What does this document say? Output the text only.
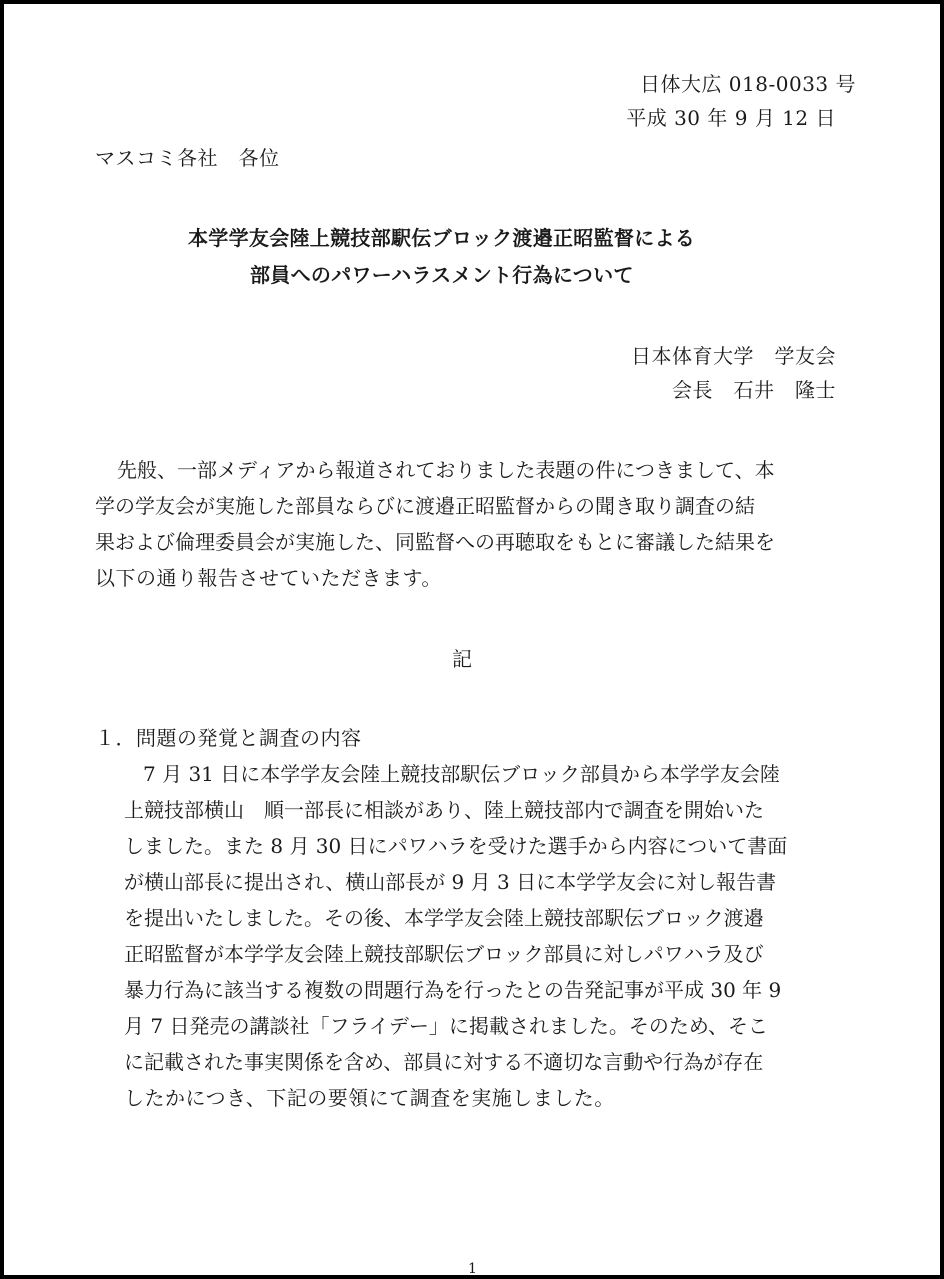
日体大広 018-0033 号
平成 30 年 9 月 12 日
マスコミ各社　各位
本学学友会陸上競技部駅伝ブロック渡邉正昭監督による
部員へのパワーハラスメント行為について
日本体育大学　学友会
会長　石井　隆士
先般、一部メディアから報道されておりました表題の件につきまして、本
学の学友会が実施した部員ならびに渡邉正昭監督からの聞き取り調査の結
果および倫理委員会が実施した、同監督への再聴取をもとに審議した結果を
以下の通り報告させていただきます。
記
１．問題の発覚と調査の内容
7 月 31 日に本学学友会陸上競技部駅伝ブロック部員から本学学友会陸
上競技部横山　順一部長に相談があり、陸上競技部内で調査を開始いた
しました。また 8 月 30 日にパワハラを受けた選手から内容について書面
が横山部長に提出され、横山部長が 9 月 3 日に本学学友会に対し報告書
を提出いたしました。その後、本学学友会陸上競技部駅伝ブロック渡邉
正昭監督が本学学友会陸上競技部駅伝ブロック部員に対しパワハラ及び
暴力行為に該当する複数の問題行為を行ったとの告発記事が平成 30 年 9
月 7 日発売の講談社「フライデー」に掲載されました。そのため、そこ
に記載された事実関係を含め、部員に対する不適切な言動や行為が存在
したかにつき、下記の要領にて調査を実施しました。
1
